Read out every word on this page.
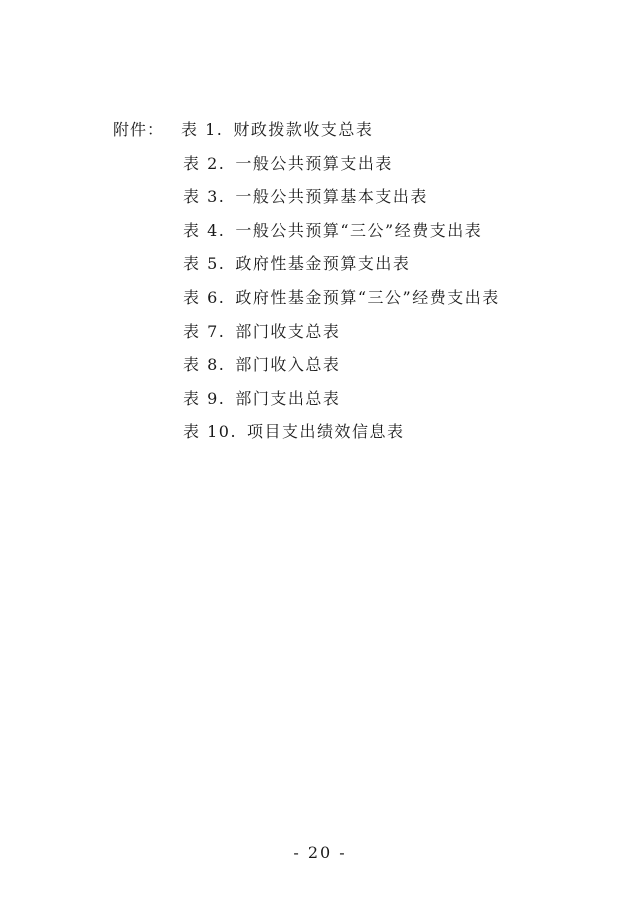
附件： 表 1. 财政拨款收支总表
表 2. 一般公共预算支出表
表 3. 一般公共预算基本支出表
表 4. 一般公共预算“三公”经费支出表
表 5. 政府性基金预算支出表
表 6. 政府性基金预算“三公”经费支出表
表 7. 部门收支总表
表 8. 部门收入总表
表 9. 部门支出总表
表 10. 项目支出绩效信息表
- 20 -
